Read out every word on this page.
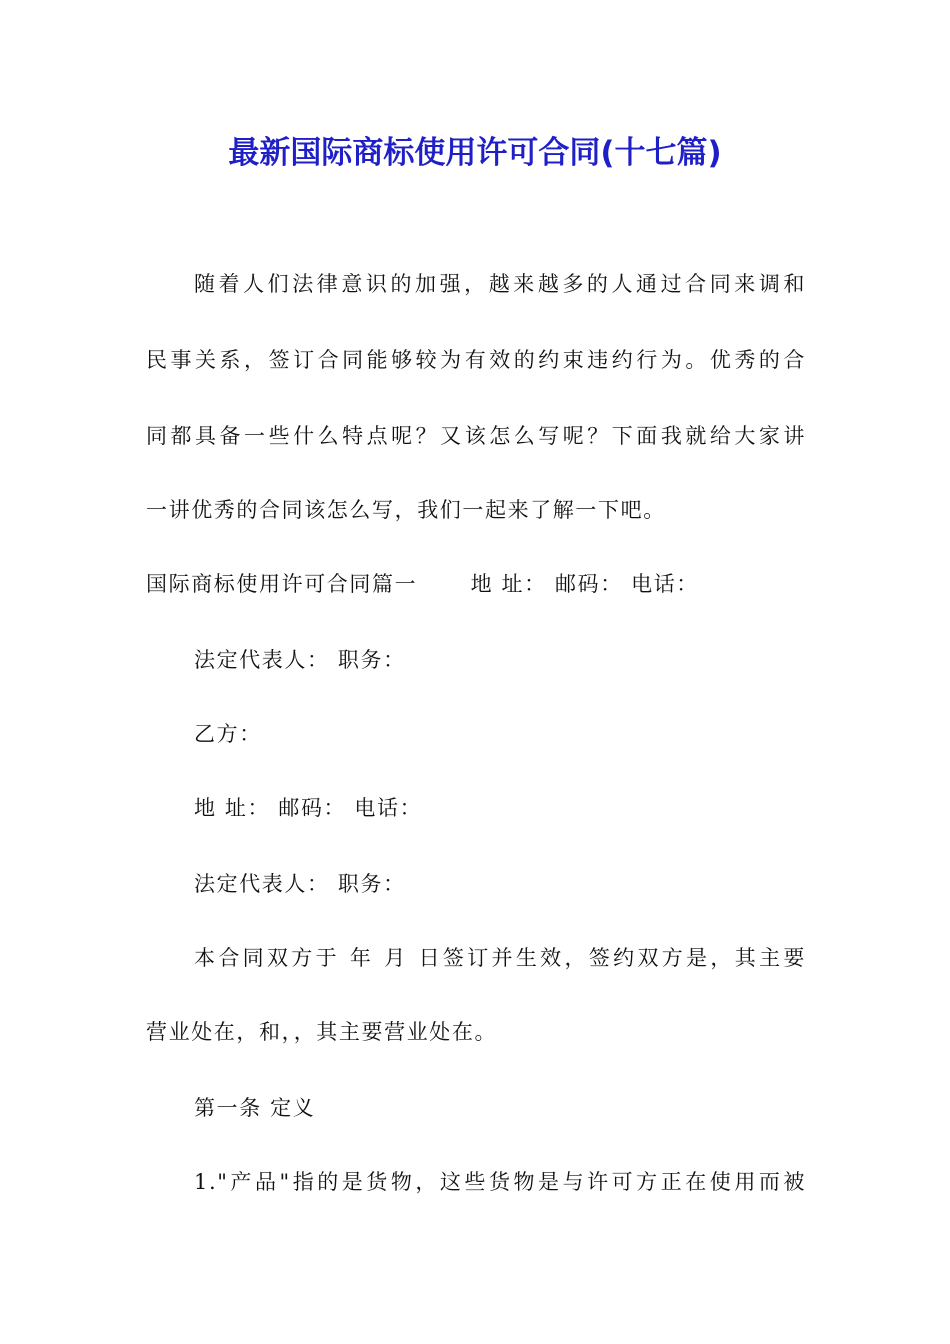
最新国际商标使用许可合同(十七篇)
随着人们法律意识的加强，越来越多的人通过合同来调和
民事关系，签订合同能够较为有效的约束违约行为。优秀的合
同都具备一些什么特点呢？又该怎么写呢？下面我就给大家讲
一讲优秀的合同该怎么写，我们一起来了解一下吧。
国际商标使用许可合同篇一　　 地 址： 邮码： 电话：
法定代表人： 职务：
乙方：
地 址： 邮码： 电话：
法定代表人： 职务：
本合同双方于 年 月 日签订并生效，签约双方是，其主要
营业处在，和，，其主要营业处在。
第一条 定义
1."产品"指的是货物，这些货物是与许可方正在使用而被
